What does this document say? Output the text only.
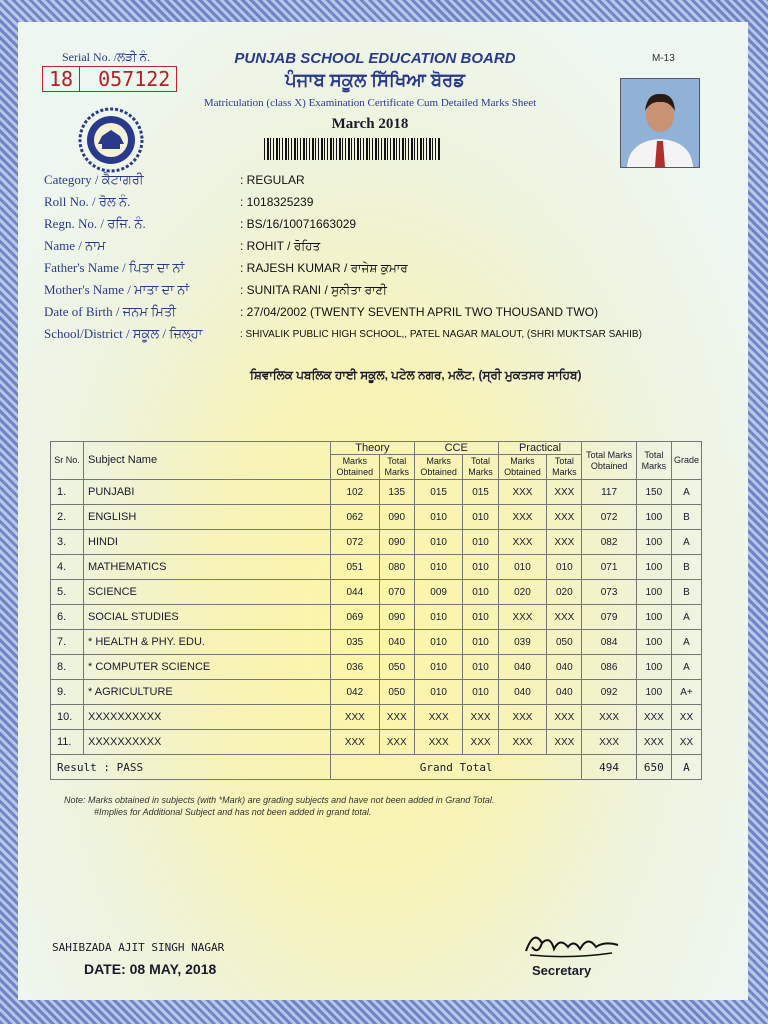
Serial No. /ਲੜੀ ਨੰ.
18	057122
PUNJAB SCHOOL EDUCATION BOARD
ਪੰਜਾਬ ਸਕੂਲ ਸਿੱਖਿਆ ਬੋਰਡ
Matriculation (class X) Examination Certificate Cum Detailed Marks Sheet
March 2018
M-13
Category / ਕੈਟਾਗਰੀ	: REGULAR
Roll No. / ਰੋਲ ਨੰ.	: 1018325239
Regn. No. / ਰਜਿ. ਨੰ.	: BS/16/10071663029
Name / ਨਾਮ	: ROHIT / ਰੋਹਿਤ
Father's Name / ਪਿਤਾ ਦਾ ਨਾਂ	: RAJESH KUMAR / ਰਾਜੇਸ਼ ਕੁਮਾਰ
Mother's Name / ਮਾਤਾ ਦਾ ਨਾਂ	: SUNITA RANI / ਸੁਨੀਤਾ ਰਾਣੀ
Date of Birth / ਜਨਮ ਮਿਤੀ	: 27/04/2002 (TWENTY SEVENTH APRIL TWO THOUSAND TWO)
School/District / ਸਕੂਲ / ਜ਼ਿਲ੍ਹਾ	: SHIVALIK PUBLIC HIGH SCHOOL,, PATEL NAGAR MALOUT, (SHRI MUKTSAR SAHIB)
ਸ਼ਿਵਾਲਿਕ ਪਬਲਿਕ ਹਾਈ ਸਕੂਲ, ਪਟੇਲ ਨਗਰ, ਮਲੋਟ, (ਸ੍ਰੀ ਮੁਕਤਸਰ ਸਾਹਿਬ)
Sr No.	Subject Name	Theory		CCE		Practical		Total Marks Obtained	Total Marks	Grade
		Marks Obtained	Total Marks	Marks Obtained	Total Marks	Marks Obtained	Total Marks			
1.	PUNJABI	102	135	015	015	XXX	XXX	117	150	A
2.	ENGLISH	062	090	010	010	XXX	XXX	072	100	B
3.	HINDI	072	090	010	010	XXX	XXX	082	100	A
4.	MATHEMATICS	051	080	010	010	010	010	071	100	B
5.	SCIENCE	044	070	009	010	020	020	073	100	B
6.	SOCIAL STUDIES	069	090	010	010	XXX	XXX	079	100	A
7.	* HEALTH & PHY. EDU.	035	040	010	010	039	050	084	100	A
8.	* COMPUTER SCIENCE	036	050	010	010	040	040	086	100	A
9.	* AGRICULTURE	042	050	010	010	040	040	092	100	A+
10.	XXXXXXXXXX	XXX	XXX	XXX	XXX	XXX	XXX	XXX	XXX	XX
11.	XXXXXXXXXX	XXX	XXX	XXX	XXX	XXX	XXX	XXX	XXX	XX
Result : PASS		Grand Total						494	650	A
Note: Marks obtained in subjects (with *Mark) are grading subjects and have not been added in Grand Total.
#Implies for Additional Subject and has not been added in grand total.
SAHIBZADA AJIT SINGH NAGAR
DATE: 08 MAY, 2018	Secretary
